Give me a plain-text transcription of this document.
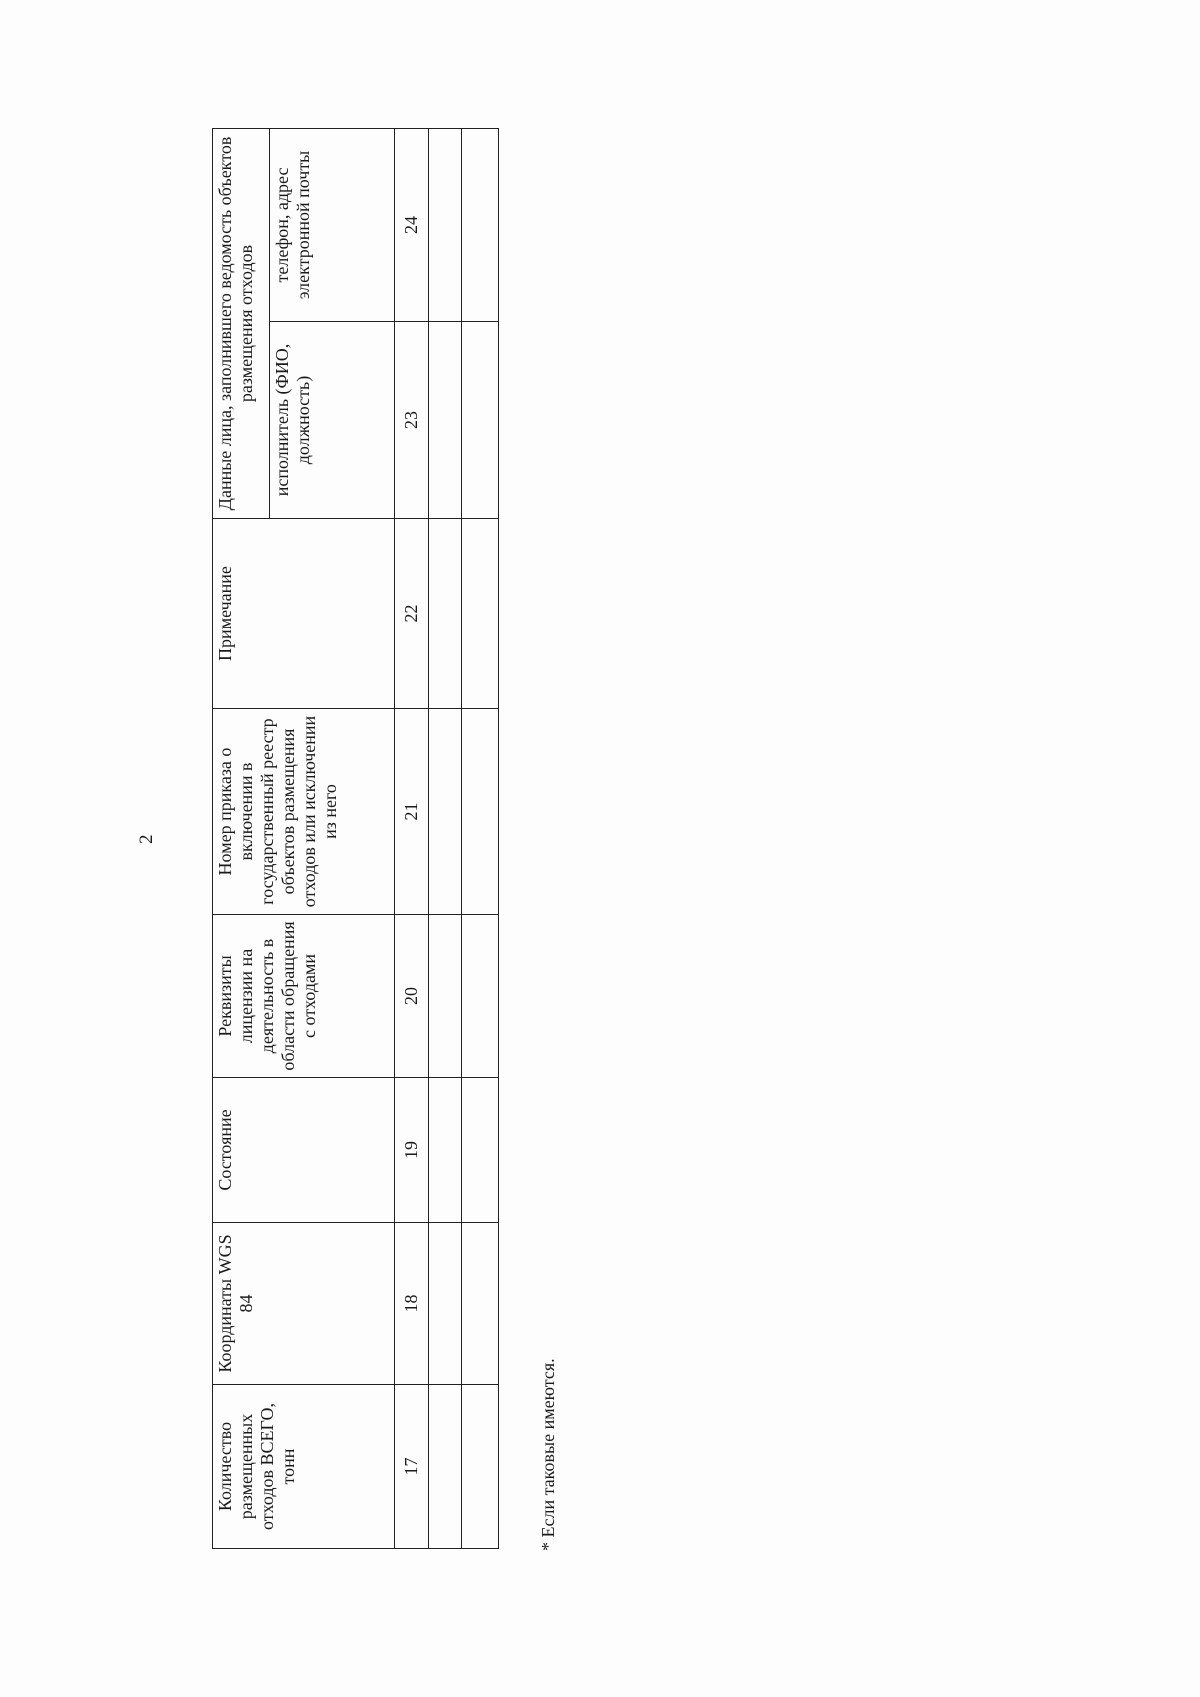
2
Количество размещенных отходов ВСЕГО, тонн	Координаты WGS 84	Состояние	Реквизиты лицензии на деятельность в области обращения с отходами	Номер приказа о включении в государственный реестр объектов размещения отходов или исключении из него	Примечание	Данные лица, заполнившего ведомость объектов размещения отходов	
						исполнитель (ФИО, должность)	телефон, адрес электронной почты
17	18	19	20	21	22	23	24

* Если таковые имеются.
